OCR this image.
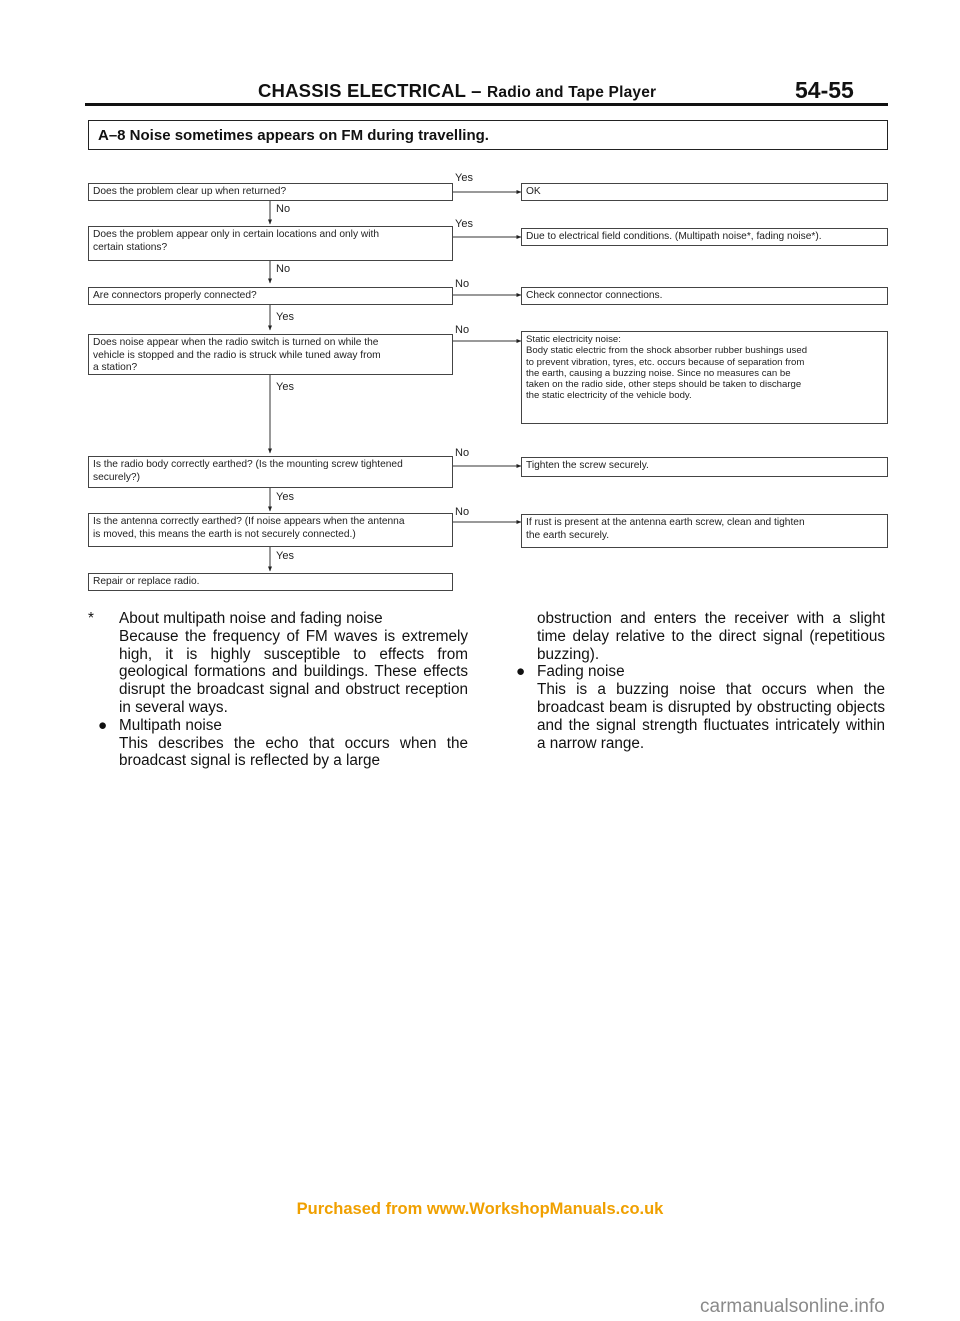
CHASSIS ELECTRICAL – Radio and Tape Player	54-55
A–8 Noise sometimes appears on FM during travelling.
Does the problem clear up when returned?
Does the problem appear only in certain locations and only with
certain stations?
Are connectors properly connected?
Does noise appear when the radio switch is turned on while the
vehicle is stopped and the radio is struck while tuned away from
a station?
Is the radio body correctly earthed? (Is the mounting screw tightened
securely?)
Is the antenna correctly earthed? (If noise appears when the antenna
is moved, this means the earth is not securely connected.)
Repair or replace radio.
OK
Due to electrical field conditions. (Multipath noise*, fading noise*).
Check connector connections.
Static electricity noise:
Body static electric from the shock absorber rubber bushings used
to prevent vibration, tyres, etc. occurs because of separation from
the earth, causing a buzzing noise. Since no measures can be
taken on the radio side, other steps should be taken to discharge
the static electricity of the vehicle body.
Tighten the screw securely.
If rust is present at the antenna earth screw, clean and tighten
the earth securely.
Yes
No
Yes
No
No
Yes
No
Yes
No
Yes
No
Yes
*	About multipath noise and fading noise
Because the frequency of FM waves is extremely high, it is highly susceptible to effects from geological formations and buildings. These effects disrupt the broadcast signal and obstruct reception in several ways.
● Multipath noise
This describes the echo that occurs when the broadcast signal is reflected by a large
obstruction and enters the receiver with a slight time delay relative to the direct signal (repetitious buzzing).
● Fading noise
This is a buzzing noise that occurs when the broadcast beam is disrupted by obstructing objects and the signal strength fluctuates intricately within a narrow range.
Purchased from www.WorkshopManuals.co.uk
carmanualsonline.info
